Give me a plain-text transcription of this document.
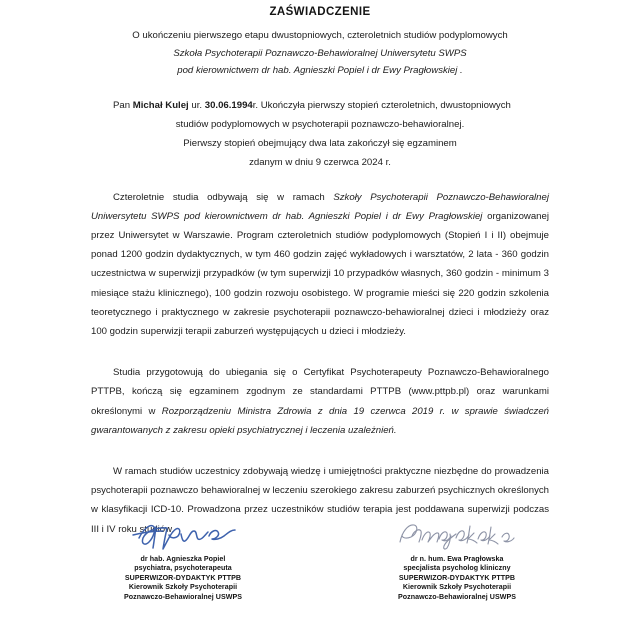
ZAŚWIADCZENIE
O ukończeniu pierwszego etapu dwustopniowych, czteroletnich studiów podyplomowych
Szkoła Psychoterapii Poznawczo-Behawioralnej Uniwersytetu SWPS
pod kierownictwem dr hab. Agnieszki Popiel i dr Ewy Pragłowskiej .
Pan Michał Kulej ur. 30.06.1994r. Ukończyła pierwszy stopień czteroletnich, dwustopniowych
studiów podyplomowych w psychoterapii poznawczo-behawioralnej.
Pierwszy stopień obejmujący dwa lata zakończył się egzaminem
zdanym w dniu 9 czerwca 2024 r.

Czteroletnie studia odbywają się w ramach Szkoły Psychoterapii Poznawczo-Behawioralnej Uniwersytetu SWPS pod kierownictwem dr hab. Agnieszki Popiel i dr Ewy Pragłowskiej organizowanej przez Uniwersytet w Warszawie. Program czteroletnich studiów podyplomowych (Stopień I i II) obejmuje ponad 1200 godzin dydaktycznych, w tym 460 godzin zajęć wykładowych i warsztatów, 2 lata - 360 godzin uczestnictwa w superwizji przypadków (w tym superwizji 10 przypadków własnych, 360 godzin - minimum 3 miesiące stażu klinicznego), 100 godzin rozwoju osobistego. W programie mieści się 220 godzin szkolenia teoretycznego i praktycznego w zakresie psychoterapii poznawczo-behawioralnej dzieci i młodzieży oraz 100 godzin superwizji terapii zaburzeń występujących u dzieci i młodzieży.

Studia przygotowują do ubiegania się o Certyfikat Psychoterapeuty Poznawczo-Behawioralnego PTTPB, kończą się egzaminem zgodnym ze standardami PTTPB (www.pttpb.pl) oraz warunkami określonymi w Rozporządzeniu Ministra Zdrowia z dnia 19 czerwca 2019 r. w sprawie świadczeń gwarantowanych z zakresu opieki psychiatrycznej i leczenia uzależnień.

W ramach studiów uczestnicy zdobywają wiedzę i umiejętności praktyczne niezbędne do prowadzenia psychoterapii poznawczo behawioralnej w leczeniu szerokiego zakresu zaburzeń psychicznych określonych w klasyfikacji ICD-10. Prowadzona przez uczestników studiów terapia jest poddawana superwizji podczas III i IV roku studiów.

dr hab. Agnieszka Popiel
psychiatra, psychoterapeuta
SUPERWIZOR-DYDAKTYK PTTPB
Kierownik Szkoły Psychoterapii
Poznawczo-Behawioralnej USWPS
dr n. hum. Ewa Pragłowska
specjalista psycholog kliniczny
SUPERWIZOR-DYDAKTYK PTTPB
Kierownik Szkoły Psychoterapii
Poznawczo-Behawioralnej USWPS
